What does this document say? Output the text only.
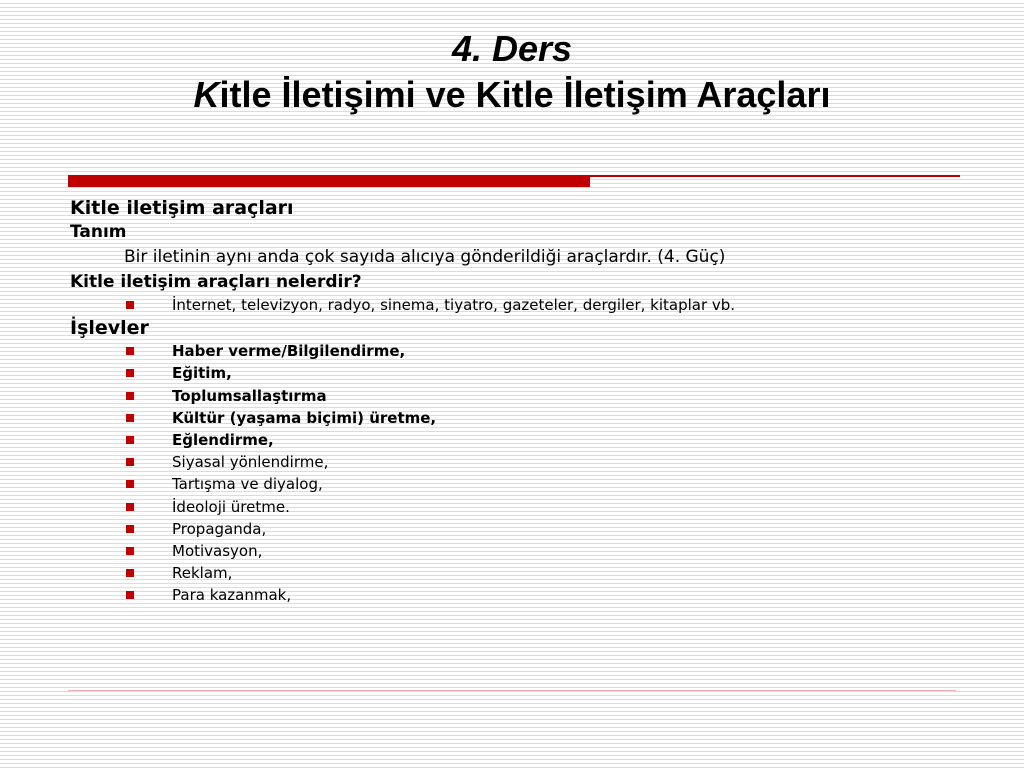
4. Ders
Kitle İletişimi ve Kitle İletişim Araçları

Kitle iletişim araçları

Tanım

Bir iletinin aynı anda çok sayıda alıcıya gönderildiği araçlardır. (4. Güç)

Kitle iletişim araçları nelerdir?

İnternet, televizyon, radyo, sinema, tiyatro, gazeteler, dergiler, kitaplar vb.

İşlevler

Haber verme/Bilgilendirme,
Eğitim,
Toplumsallaştırma
Kültür (yaşama biçimi) üretme,
Eğlendirme,
Siyasal yönlendirme,
Tartışma ve diyalog,
İdeoloji üretme.
Propaganda,
Motivasyon,
Reklam,
Para kazanmak,
